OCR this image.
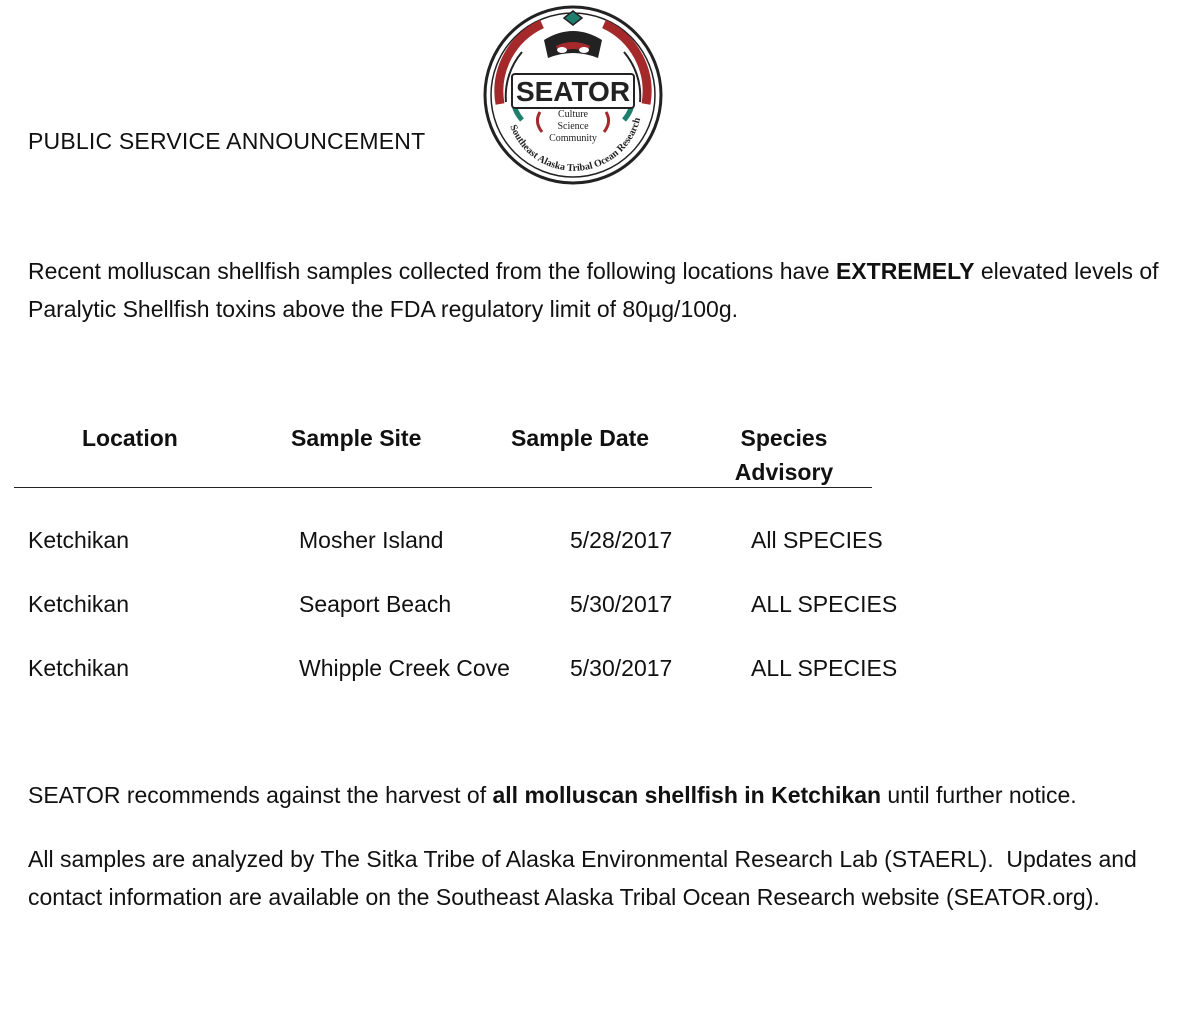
PUBLIC SERVICE ANNOUNCEMENT
SEATOR
Culture
Science
Community
Southeast Alaska Tribal Ocean Research
Recent molluscan shellfish samples collected from the following locations have EXTREMELY elevated levels of Paralytic Shellfish toxins above the FDA regulatory limit of 80µg/100g.
Location	Sample Site	Sample Date	Species
Advisory
Ketchikan	Mosher Island	5/28/2017	All SPECIES
Ketchikan	Seaport Beach	5/30/2017	ALL SPECIES
Ketchikan	Whipple Creek Cove	5/30/2017	ALL SPECIES
SEATOR recommends against the harvest of all molluscan shellfish in Ketchikan until further notice.
All samples are analyzed by The Sitka Tribe of Alaska Environmental Research Lab (STAERL).  Updates and contact information are available on the Southeast Alaska Tribal Ocean Research website (SEATOR.org).
